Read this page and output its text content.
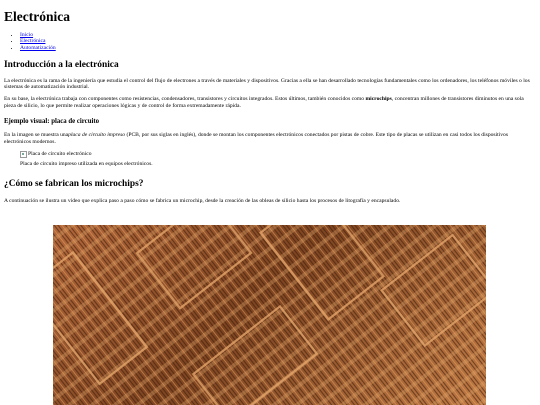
Electrónica
• Inicio
• Electrónica
• Automatización
Introducción a la electrónica

La electrónica es la rama de la ingeniería que estudia el control del flujo de electrones a través de materiales y dispositivos. Gracias a ella se han desarrollado tecnologías fundamentales como los ordenadores, los teléfonos móviles o los sistemas de automatización industrial.

En su base, la electrónica trabaja con componentes como resistencias, condensadores, transistores y circuitos integrados. Estos últimos, también conocidos como microchips, concentran millones de transistores diminutos en una sola pieza de silicio, lo que permite realizar operaciones lógicas y de control de forma extremadamente rápida.

Ejemplo visual: placa de circuito

En la imagen se muestra unaplaca de circuito impreso (PCB, por sus siglas en inglés), donde se montan los componentes electrónicos conectados por pistas de cobre. Este tipo de placas se utilizan en casi todos los dispositivos electrónicos modernos.

Placa de circuito electrónico
Placa de circuito impreso utilizada en equipos electrónicos.
¿Cómo se fabrican los microchips?

A continuación se ilustra un video que explica paso a paso cómo se fabrica un microchip, desde la creación de las obleas de silicio hasta los procesos de litografía y encapsulado.
